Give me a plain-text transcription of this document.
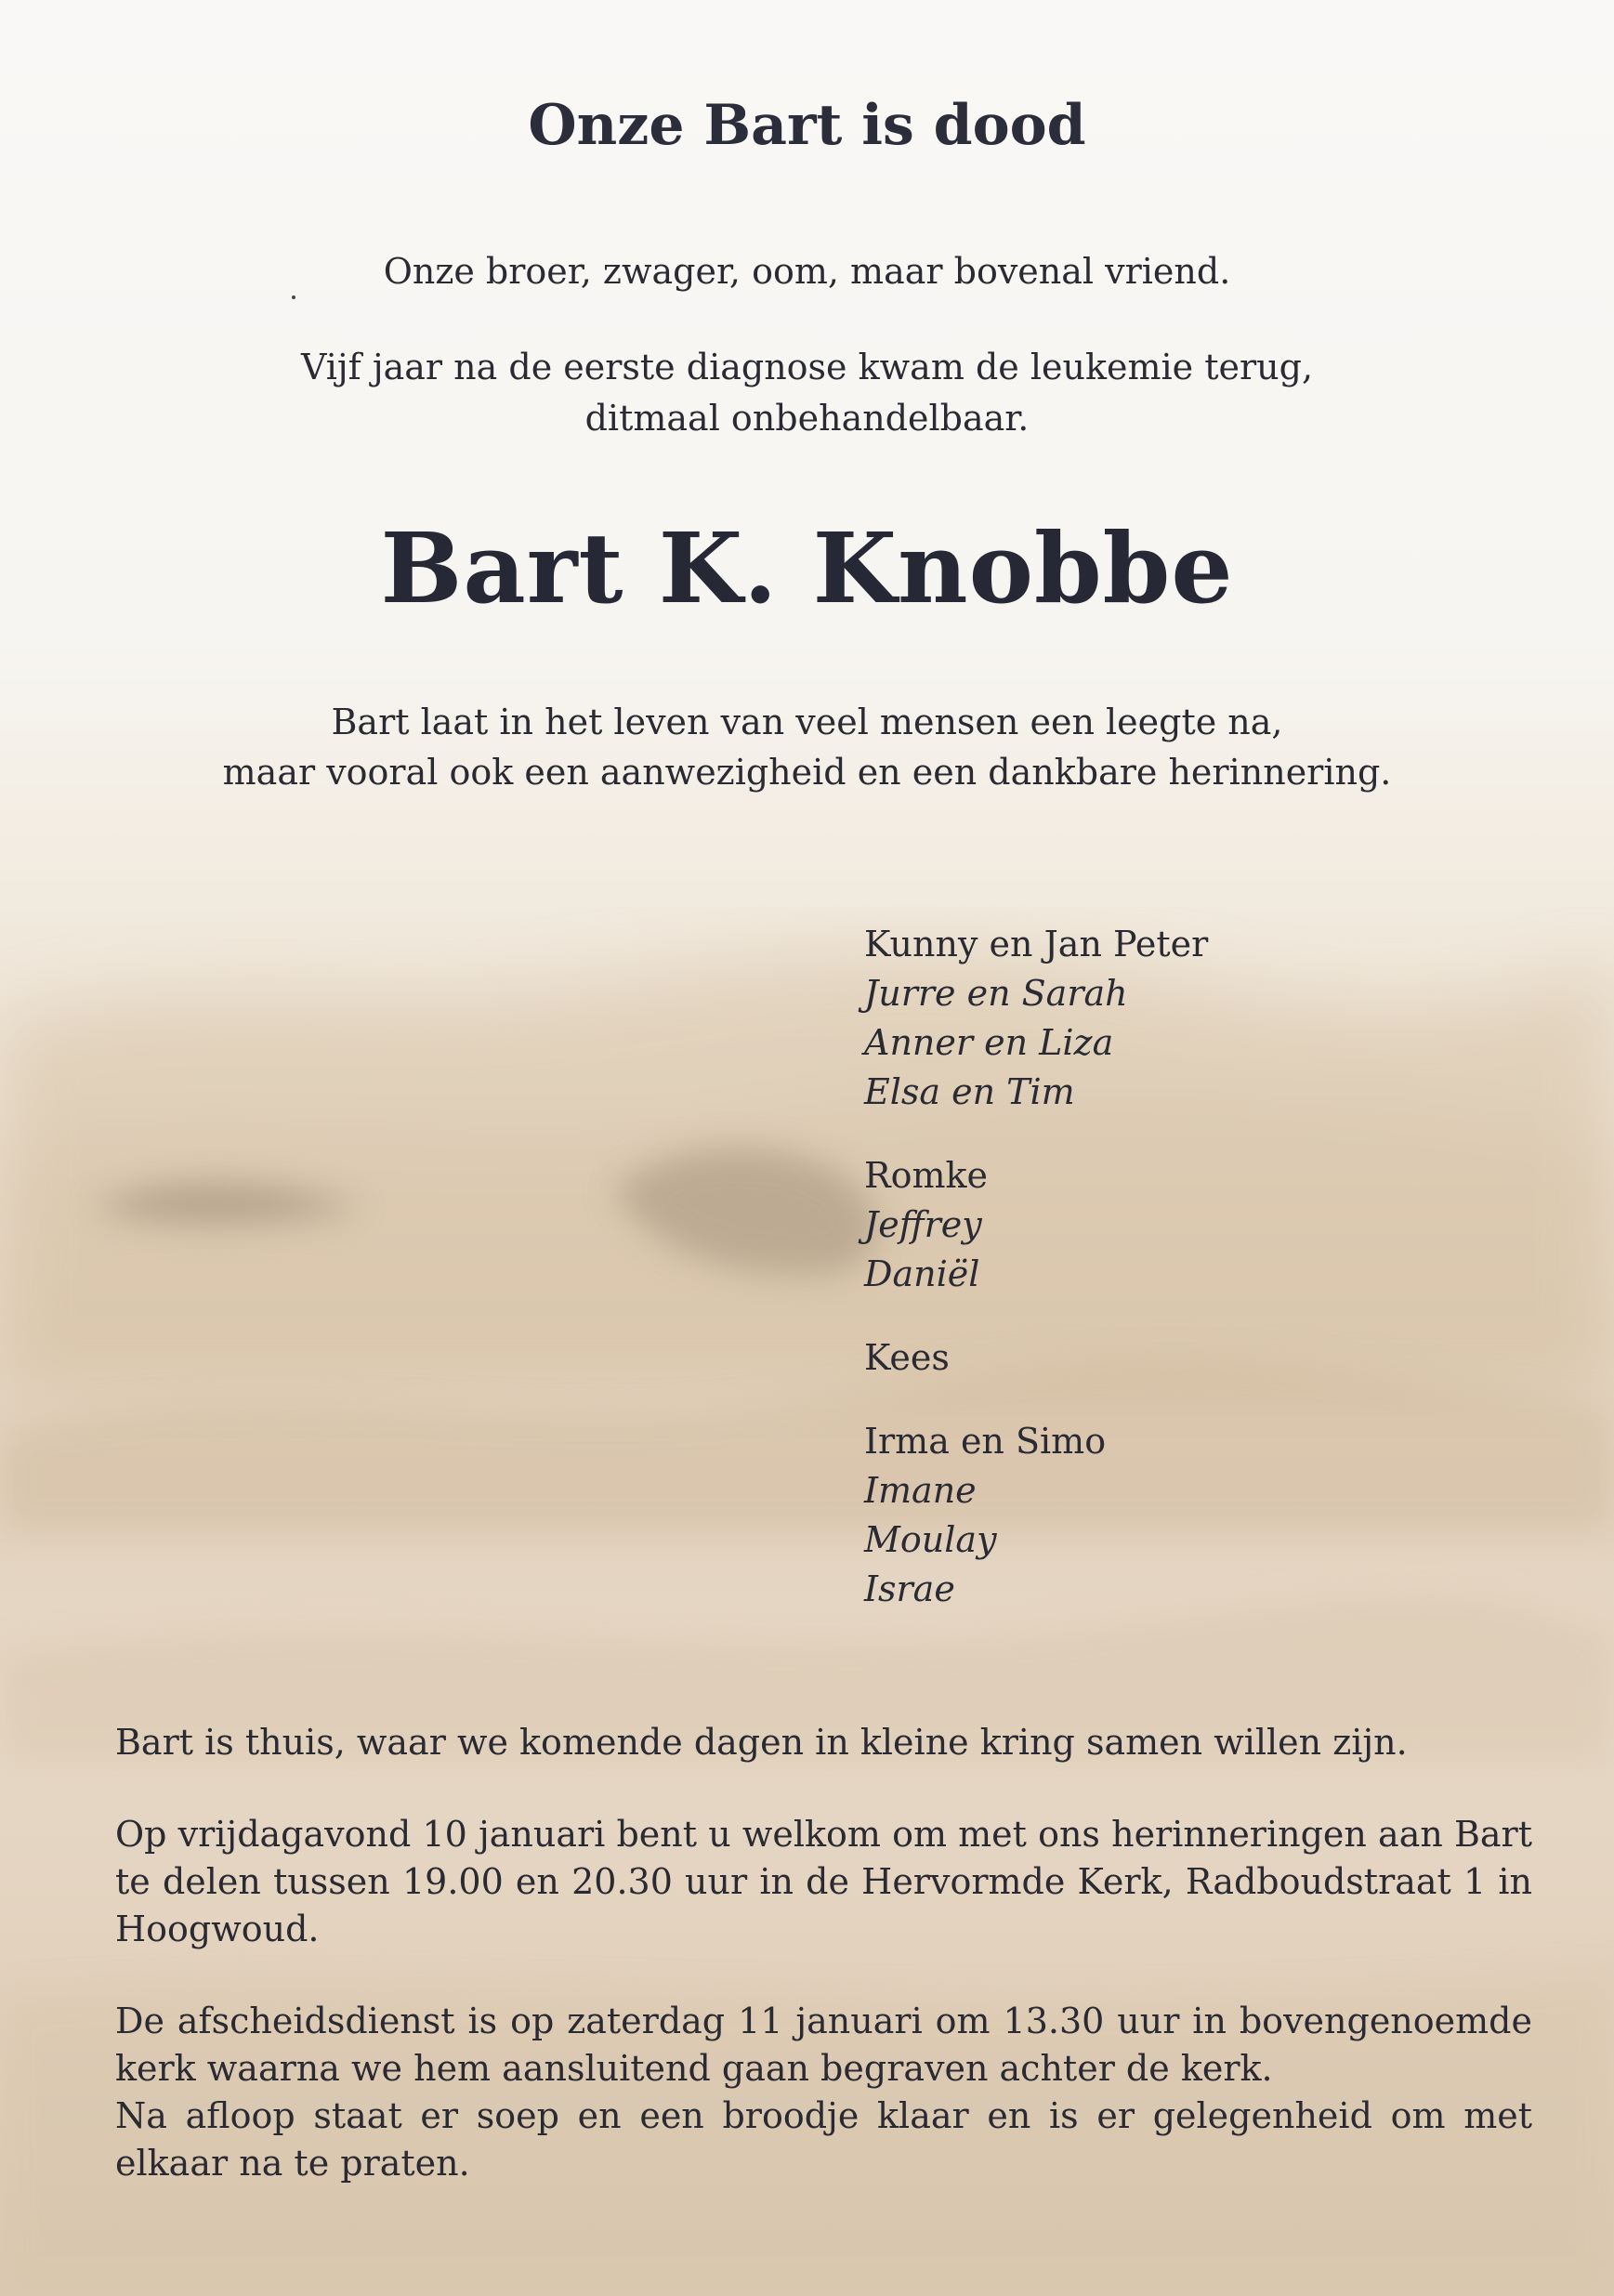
Onze Bart is dood

Onze broer, zwager, oom, maar bovenal vriend.

Vijf jaar na de eerste diagnose kwam de leukemie terug,
ditmaal onbehandelbaar.

Bart K. Knobbe
Bart laat in het leven van veel mensen een leegte na,
maar vooral ook een aanwezigheid en een dankbare herinnering.
Kunny en Jan Peter
Jurre en Sarah
Anner en Liza
Elsa en Tim
Romke
Jeffrey
Daniël
Kees
Irma en Simo
Imane
Moulay
Israe

Bart is thuis, waar we komende dagen in kleine kring samen willen zijn.

Op vrijdagavond 10 januari bent u welkom om met ons herinneringen aan Bart te delen tussen 19.00 en 20.30 uur in de Hervormde Kerk, Radboudstraat 1 in Hoogwoud.

De afscheidsdienst is op zaterdag 11 januari om 13.30 uur in bovengenoemde kerk waarna we hem aansluitend gaan begraven achter de kerk.
Na afloop staat er soep en een broodje klaar en is er gelegenheid om met elkaar na te praten.
